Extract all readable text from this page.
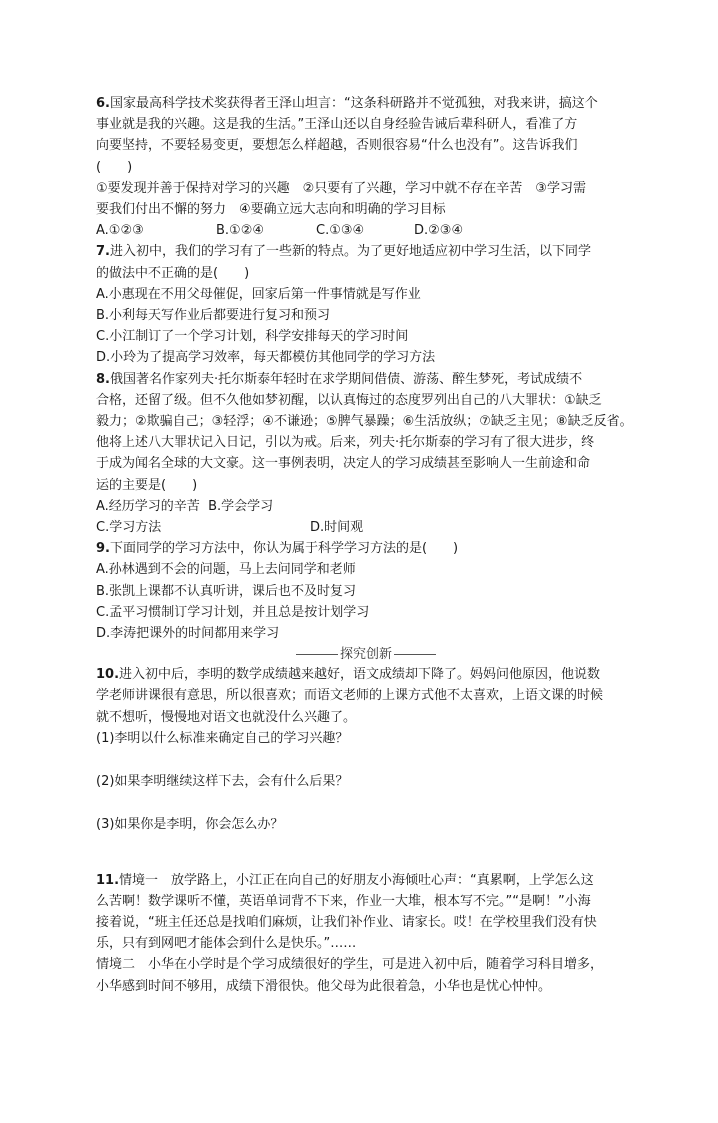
6.国家最高科学技术奖获得者王泽山坦言：“这条科研路并不觉孤独，对我来讲，搞这个
事业就是我的兴趣。这是我的生活。”王泽山还以自身经验告诫后辈科研人，看准了方
向要坚持，不要轻易变更，要想怎么样超越，否则很容易“什么也没有”。这告诉我们
(　　)
①要发现并善于保持对学习的兴趣　②只要有了兴趣，学习中就不存在辛苦　③学习需
要我们付出不懈的努力　④要确立远大志向和明确的学习目标
A.①②③	B.①②④	C.①③④	D.②③④
7.进入初中，我们的学习有了一些新的特点。为了更好地适应初中学习生活，以下同学
的做法中不正确的是(　　)
A.小惠现在不用父母催促，回家后第一件事情就是写作业
B.小利每天写作业后都要进行复习和预习
C.小江制订了一个学习计划，科学安排每天的学习时间
D.小玲为了提高学习效率，每天都模仿其他同学的学习方法
8.俄国著名作家列夫·托尔斯泰年轻时在求学期间借债、游荡、醉生梦死，考试成绩不
合格，还留了级。但不久他如梦初醒，以认真悔过的态度罗列出自己的八大罪状：①缺乏
毅力；②欺骗自己；③轻浮；④不谦逊；⑤脾气暴躁；⑥生活放纵；⑦缺乏主见；⑧缺乏反省。
他将上述八大罪状记入日记，引以为戒。后来，列夫·托尔斯泰的学习有了很大进步，终
于成为闻名全球的大文豪。这一事例表明，决定人的学习成绩甚至影响人一生前途和命
运的主要是(　　)
A.经历学习的辛苦 B.学会学习
C.学习方法	D.时间观
9.下面同学的学习方法中，你认为属于科学学习方法的是(　　)
A.孙林遇到不会的问题，马上去问同学和老师
B.张凯上课都不认真听讲，课后也不及时复习
C.孟平习惯制订学习计划，并且总是按计划学习
D.李涛把课外的时间都用来学习
探究创新
10.进入初中后，李明的数学成绩越来越好，语文成绩却下降了。妈妈问他原因，他说数
学老师讲课很有意思，所以很喜欢；而语文老师的上课方式他不太喜欢，上语文课的时候
就不想听，慢慢地对语文也就没什么兴趣了。
(1)李明以什么标准来确定自己的学习兴趣？
(2)如果李明继续这样下去，会有什么后果？
(3)如果你是李明，你会怎么办？
11.情境一　放学路上，小江正在向自己的好朋友小海倾吐心声：“真累啊，上学怎么这
么苦啊！数学课听不懂，英语单词背不下来，作业一大堆，根本写不完。”“是啊！”小海
接着说，“班主任还总是找咱们麻烦，让我们补作业、请家长。哎！在学校里我们没有快
乐，只有到网吧才能体会到什么是快乐。”……
情境二　小华在小学时是个学习成绩很好的学生，可是进入初中后，随着学习科目增多，
小华感到时间不够用，成绩下滑很快。他父母为此很着急，小华也是忧心忡忡。
